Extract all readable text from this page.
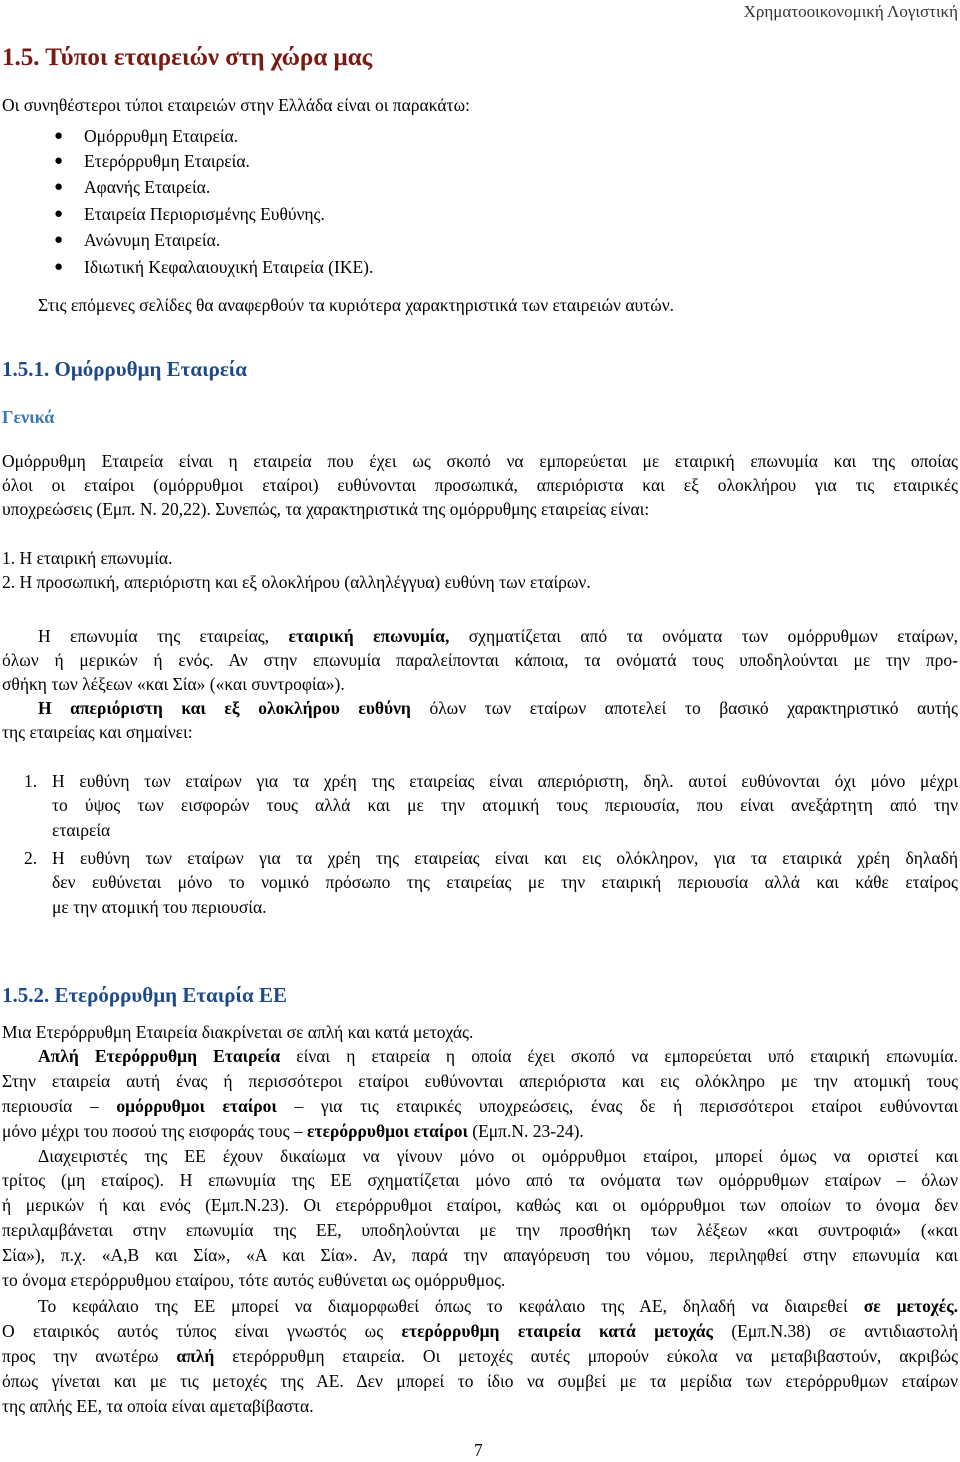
Χρηματοοικονομική Λογιστική
1.5. Τύποι εταιρειών στη χώρα μας
Οι συνηθέστεροι τύποι εταιρειών στην Ελλάδα είναι οι παρακάτω:
● Ομόρρυθμη Εταιρεία.
● Ετερόρρυθμη Εταιρεία.
● Αφανής Εταιρεία.
● Εταιρεία Περιορισμένης Ευθύνης.
● Ανώνυμη Εταιρεία.
● Ιδιωτική Κεφαλαιουχική Εταιρεία (ΙΚΕ).
Στις επόμενες σελίδες θα αναφερθούν τα κυριότερα χαρακτηριστικά των εταιρειών αυτών.
1.5.1. Ομόρρυθμη Εταιρεία
Γενικά
Ομόρρυθμη Εταιρεία είναι η εταιρεία που έχει ως σκοπό να εμπορεύεται με εταιρική επωνυμία και της οποίας
όλοι οι εταίροι (ομόρρυθμοι εταίροι) ευθύνονται προσωπικά, απεριόριστα και εξ ολοκλήρου για τις εταιρικές
υποχρεώσεις (Εμπ. Ν. 20,22). Συνεπώς, τα χαρακτηριστικά της ομόρρυθμης εταιρείας είναι:
1. Η εταιρική επωνυμία.
2. Η προσωπική, απεριόριστη και εξ ολοκλήρου (αλληλέγγυα) ευθύνη των εταίρων.
Η επωνυμία της εταιρείας, εταιρική επωνυμία, σχηματίζεται από τα ονόματα των ομόρρυθμων εταίρων,
όλων ή μερικών ή ενός. Αν στην επωνυμία παραλείπονται κάποια, τα ονόματά τους υποδηλούνται με την προ-
σθήκη των λέξεων «και Σία» («και συντροφία»).
Η απεριόριστη και εξ ολοκλήρου ευθύνη όλων των εταίρων αποτελεί το βασικό χαρακτηριστικό αυτής
της εταιρείας και σημαίνει:
1. Η ευθύνη των εταίρων για τα χρέη της εταιρείας είναι απεριόριστη, δηλ. αυτοί ευθύνονται όχι μόνο μέχρι
το ύψος των εισφορών τους αλλά και με την ατομική τους περιουσία, που είναι ανεξάρτητη από την
εταιρεία
2. Η ευθύνη των εταίρων για τα χρέη της εταιρείας είναι και εις ολόκληρον, για τα εταιρικά χρέη δηλαδή
δεν ευθύνεται μόνο το νομικό πρόσωπο της εταιρείας με την εταιρική περιουσία αλλά και κάθε εταίρος
με την ατομική του περιουσία.
1.5.2. Ετερόρρυθμη Εταιρία ΕΕ
Μια Ετερόρρυθμη Εταιρεία διακρίνεται σε απλή και κατά μετοχάς.
Απλή Ετερόρρυθμη Εταιρεία είναι η εταιρεία η οποία έχει σκοπό να εμπορεύεται υπό εταιρική επωνυμία.
Στην εταιρεία αυτή ένας ή περισσότεροι εταίροι ευθύνονται απεριόριστα και εις ολόκληρο με την ατομική τους
περιουσία – ομόρρυθμοι εταίροι – για τις εταιρικές υποχρεώσεις, ένας δε ή περισσότεροι εταίροι ευθύνονται
μόνο μέχρι του ποσού της εισφοράς τους – ετερόρρυθμοι εταίροι (Εμπ.Ν. 23-24).
Διαχειριστές της ΕΕ έχουν δικαίωμα να γίνουν μόνο οι ομόρρυθμοι εταίροι, μπορεί όμως να οριστεί και
τρίτος (μη εταίρος). Η επωνυμία της ΕΕ σχηματίζεται μόνο από τα ονόματα των ομόρρυθμων εταίρων – όλων
ή μερικών ή και ενός (Εμπ.Ν.23). Οι ετερόρρυθμοι εταίροι, καθώς και οι ομόρρυθμοι των οποίων το όνομα δεν
περιλαμβάνεται στην επωνυμία της ΕΕ, υποδηλούνται με την προσθήκη των λέξεων «και συντροφιά» («και
Σία»), π.χ. «Α,Β και Σία», «Α και Σία». Αν, παρά την απαγόρευση του νόμου, περιληφθεί στην επωνυμία και
το όνομα ετερόρρυθμου εταίρου, τότε αυτός ευθύνεται ως ομόρρυθμος.
Το κεφάλαιο της ΕΕ μπορεί να διαμορφωθεί όπως το κεφάλαιο της ΑΕ, δηλαδή να διαιρεθεί σε μετοχές.
Ο εταιρικός αυτός τύπος είναι γνωστός ως ετερόρρυθμη εταιρεία κατά μετοχάς (Εμπ.Ν.38) σε αντιδιαστολή
προς την ανωτέρω απλή ετερόρρυθμη εταιρεία. Οι μετοχές αυτές μπορούν εύκολα να μεταβιβαστούν, ακριβώς
όπως γίνεται και με τις μετοχές της ΑΕ. Δεν μπορεί το ίδιο να συμβεί με τα μερίδια των ετερόρρυθμων εταίρων
της απλής ΕΕ, τα οποία είναι αμεταβίβαστα.
7
